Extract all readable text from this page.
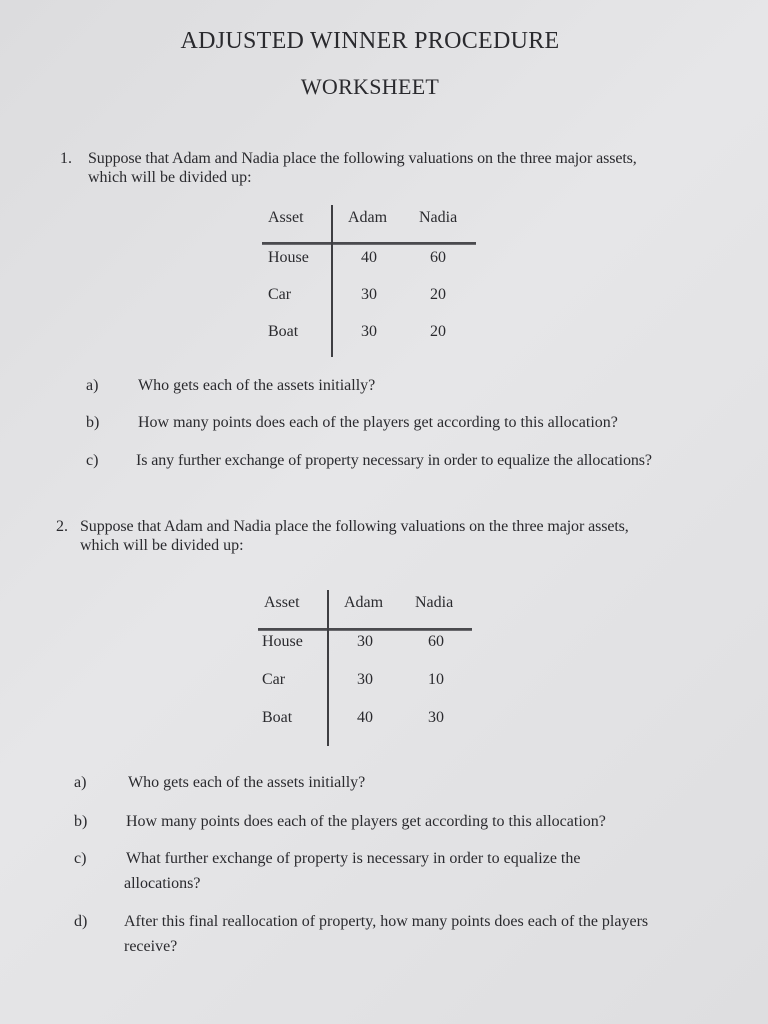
ADJUSTED WINNER PROCEDURE
WORKSHEET
1. Suppose that Adam and Nadia place the following valuations on the three major assets,
which will be divided up:
Asset	Adam Nadia
House	40	60
Car	30	20
Boat	30	20
a) Who gets each of the assets initially?
b) How many points does each of the players get according to this allocation?
c) Is any further exchange of property necessary in order to equalize the allocations?
2. Suppose that Adam and Nadia place the following valuations on the three major assets,
which will be divided up:
Asset	Adam Nadia
House	30	60
Car	30	10
Boat	40	30
a)	Who gets each of the assets initially?
b) How many points does each of the players get according to this allocation?
c) What further exchange of property is necessary in order to equalize the
allocations?
d) After this final reallocation of property, how many points does each of the players
receive?
